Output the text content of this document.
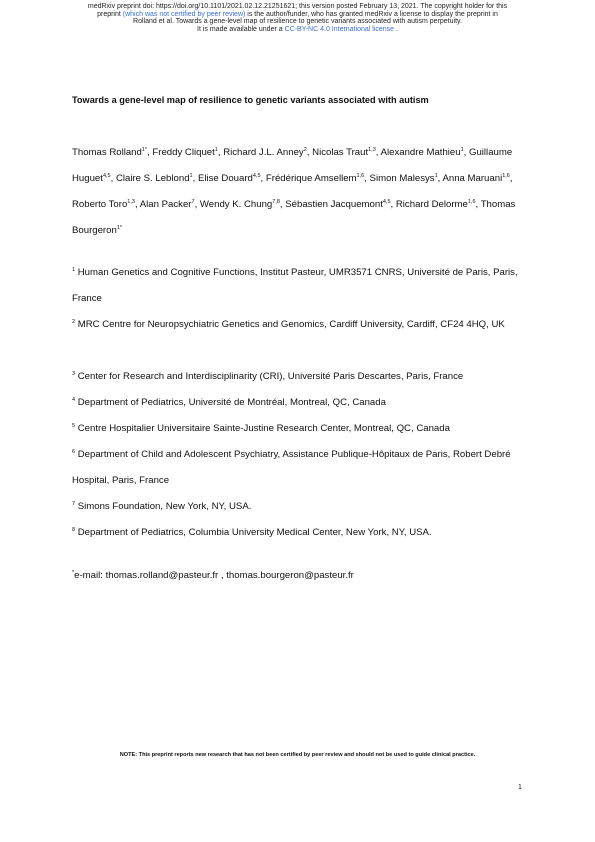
medRxiv preprint doi: https://doi.org/10.1101/2021.02.12.21251621; this version posted February 13, 2021. The copyright holder for this
preprint (which was not certified by peer review) is the author/funder, who has granted medRxiv a license to display the preprint in
Rolland et al. Towards a gene-level map of resilience to genetic variants associated with autism perpetuity.
It is made available under a CC-BY-NC 4.0 International license .
Towards a gene-level map of resilience to genetic variants associated with autism
Thomas Rolland$^{1*}$, Freddy Cliquet$^1$, Richard J.L. Anney$^2$, Nicolas Traut$^{1,3}$, Alexandre Mathieu$^1$, Guillaume Huguet$^{4,5}$, Claire S. Leblond$^1$, Elise Douard$^{4,5}$, Frédérique Amsellem$^{1,6}$, Simon Malesys$^1$, Anna Maruani$^{1,6}$, Roberto Toro$^{1,3}$, Alan Packer$^7$, Wendy K. Chung$^{7,8}$, Sébastien Jacquemont$^{4,5}$, Richard Delorme$^{1,6}$, Thomas Bourgeron$^{1*}$
$^1$ Human Genetics and Cognitive Functions, Institut Pasteur, UMR3571 CNRS, Université de Paris, Paris, France
$^2$ MRC Centre for Neuropsychiatric Genetics and Genomics, Cardiff University, Cardiff, CF24 4HQ, UK
$^3$ Center for Research and Interdisciplinarity (CRI), Université Paris Descartes, Paris, France
$^4$ Department of Pediatrics, Université de Montréal, Montreal, QC, Canada
$^5$ Centre Hospitalier Universitaire Sainte-Justine Research Center, Montreal, QC, Canada
$^6$ Department of Child and Adolescent Psychiatry, Assistance Publique-Hôpitaux de Paris, Robert Debré Hospital, Paris, France
$^7$ Simons Foundation, New York, NY, USA.
$^8$ Department of Pediatrics, Columbia University Medical Center, New York, NY, USA.
*e-mail: thomas.rolland@pasteur.fr , thomas.bourgeron@pasteur.fr
NOTE: This preprint reports new research that has not been certified by peer review and should not be used to guide clinical practice.
1
